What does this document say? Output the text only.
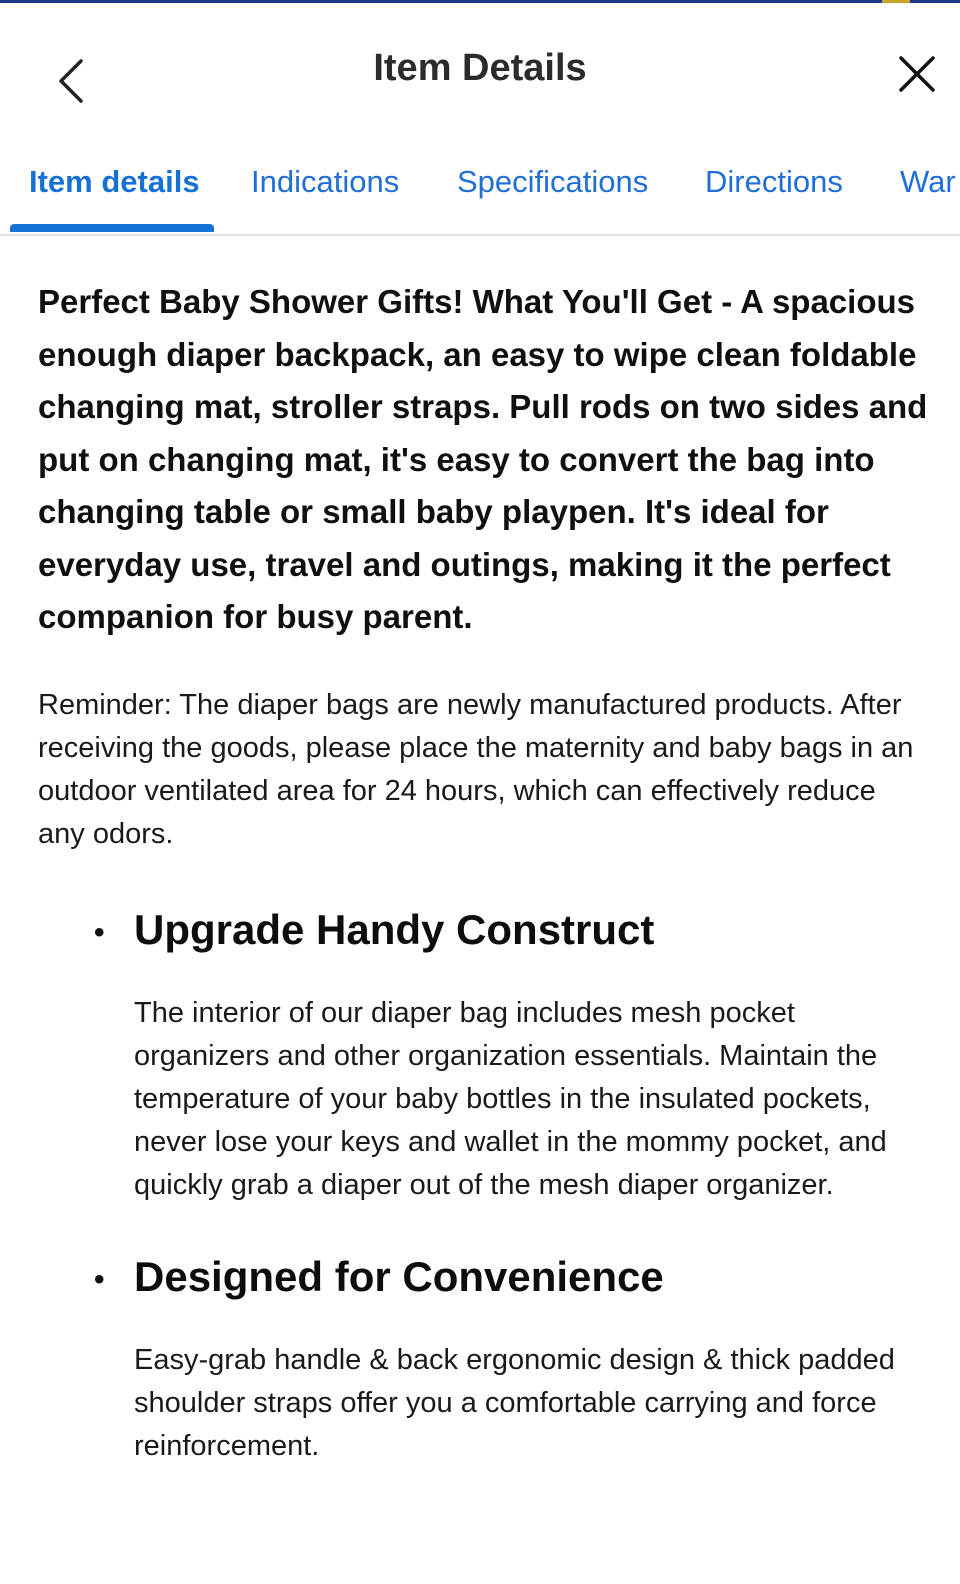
Item Details
Item details Indications Specifications Directions War

Perfect Baby Shower Gifts! What You'll Get - A spacious enough diaper backpack, an easy to wipe clean foldable changing mat, stroller straps. Pull rods on two sides and put on changing mat, it's easy to convert the bag into changing table or small baby playpen. It's ideal for everyday use, travel and outings, making it the perfect companion for busy parent.

Reminder: The diaper bags are newly manufactured products. After receiving the goods, please place the maternity and baby bags in an outdoor ventilated area for 24 hours, which can effectively reduce any odors.

• Upgrade Handy Construct

The interior of our diaper bag includes mesh pocket organizers and other organization essentials. Maintain the temperature of your baby bottles in the insulated pockets, never lose your keys and wallet in the mommy pocket, and quickly grab a diaper out of the mesh diaper organizer.

• Designed for Convenience

Easy-grab handle & back ergonomic design & thick padded shoulder straps offer you a comfortable carrying and force reinforcement.
